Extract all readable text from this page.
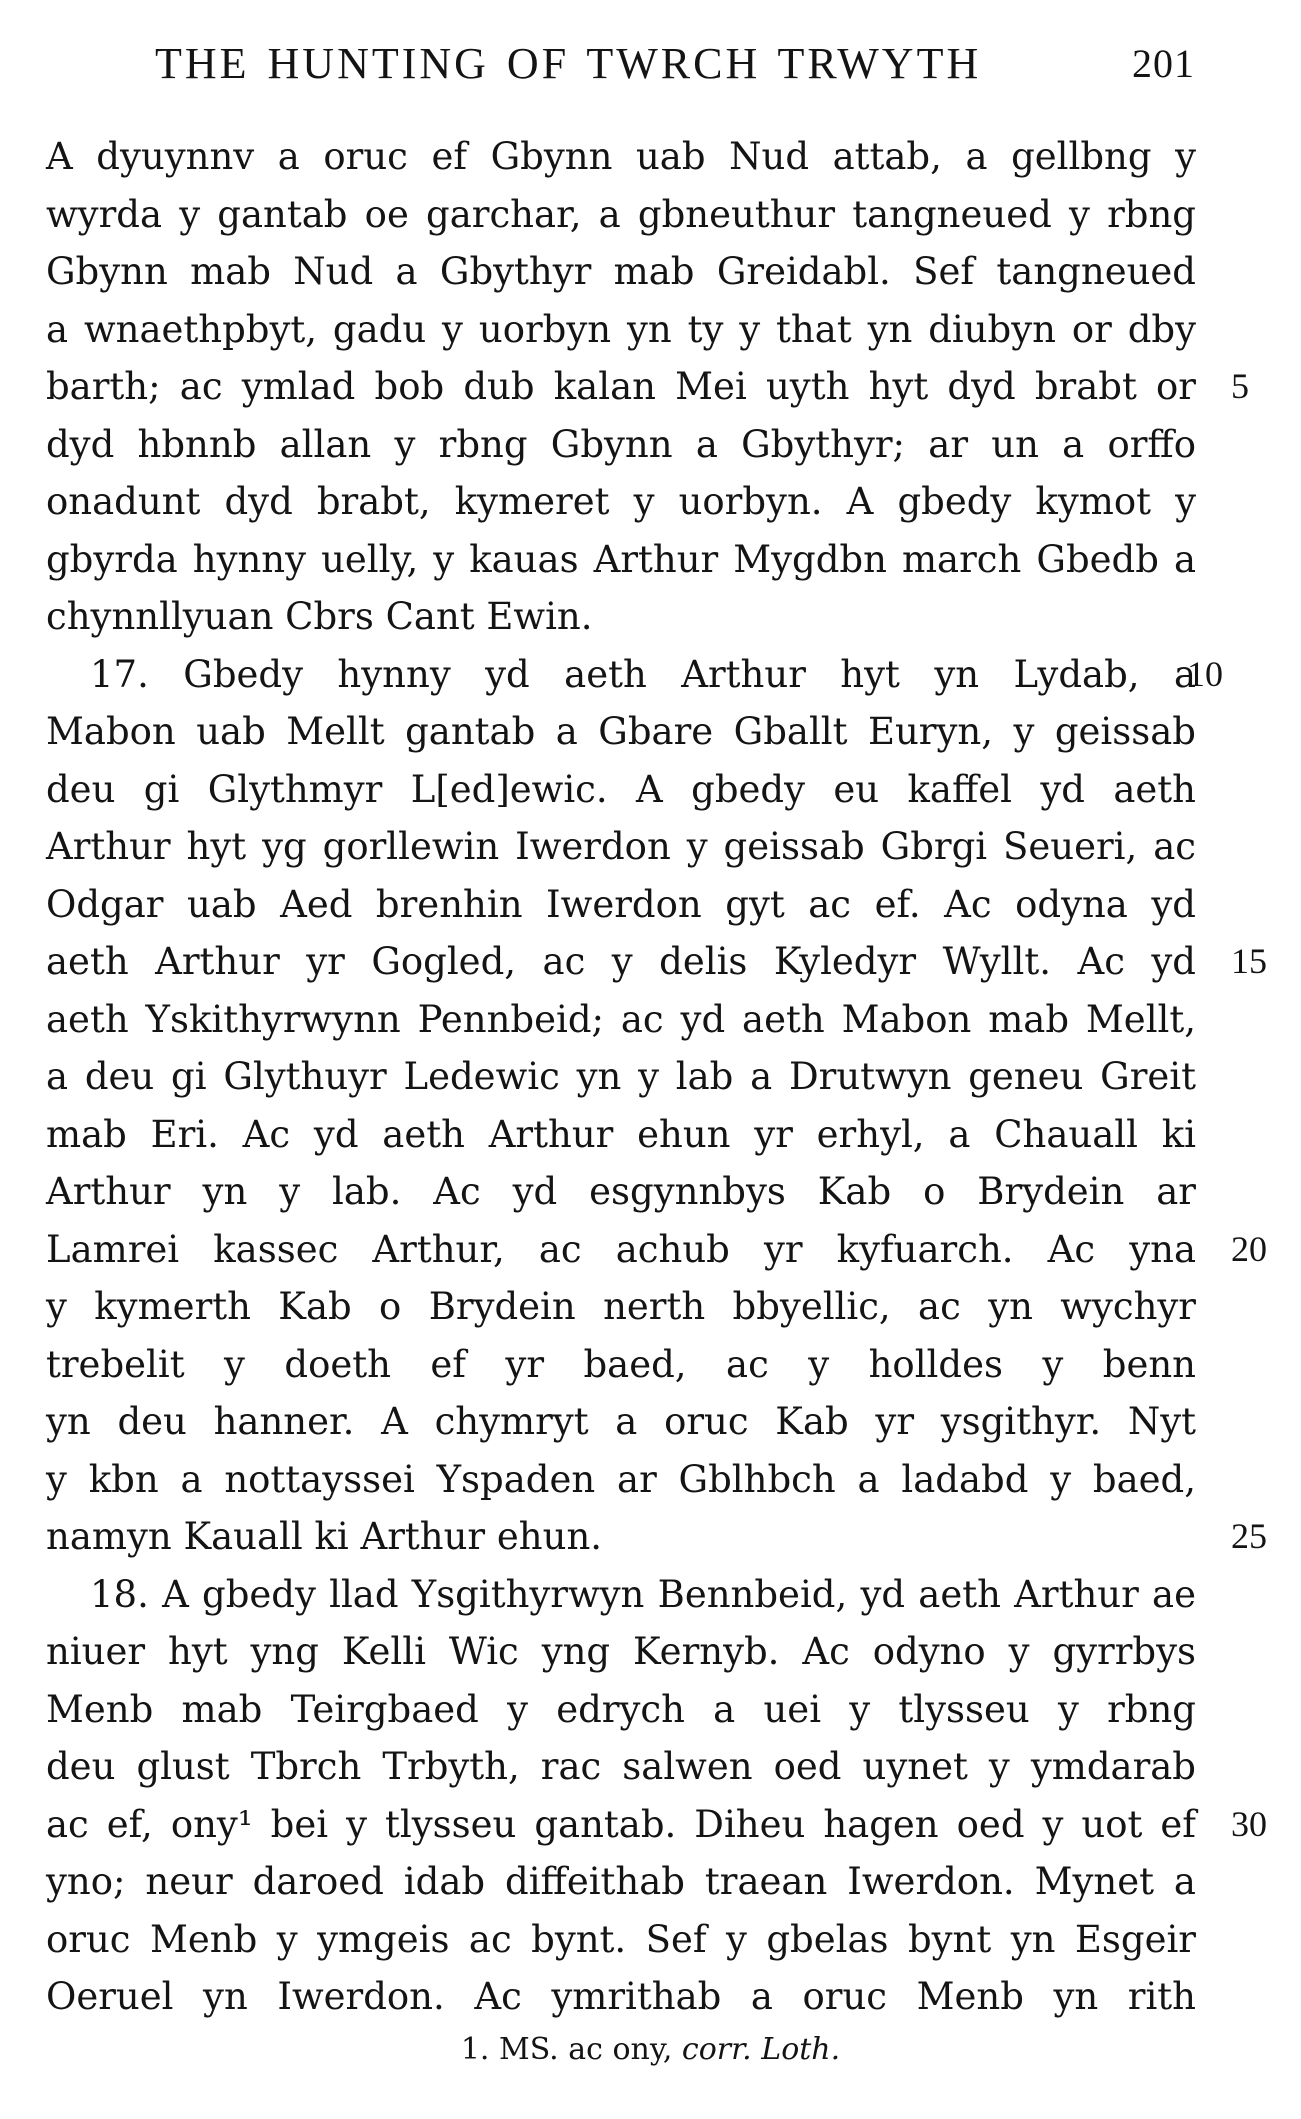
THE HUNTING OF TWRCH TRWYTH	201
A dyuynnv a oruc ef Gbynn uab Nud attab, a gellbng y
wyrda y gantab oe garchar, a gbneuthur tangneued y rbng
Gbynn mab Nud a Gbythyr mab Greidabl. Sef tangneued
a wnaethpbyt, gadu y uorbyn yn ty y that yn diubyn or dby
barth; ac ymlad bob dub kalan Mei uyth hyt dyd brabt or 5
dyd hbnnb allan y rbng Gbynn a Gbythyr; ar un a orffo
onadunt dyd brabt, kymeret y uorbyn. A gbedy kymot y
gbyrda hynny uelly, y kauas Arthur Mygdbn march Gbedb a
chynnllyuan Cbrs Cant Ewin.
17. Gbedy hynny yd aeth Arthur hyt yn Lydab, a
10
Mabon uab Mellt gantab a Gbare Gballt Euryn, y geissab
deu gi Glythmyr L[ed]ewic. A gbedy eu kaffel yd aeth
Arthur hyt yg gorllewin Iwerdon y geissab Gbrgi Seueri, ac
Odgar uab Aed brenhin Iwerdon gyt ac ef. Ac odyna yd
aeth Arthur yr Gogled, ac y delis Kyledyr Wyllt. Ac yd 15
aeth Yskithyrwynn Pennbeid; ac yd aeth Mabon mab Mellt,
a deu gi Glythuyr Ledewic yn y lab a Drutwyn geneu Greit
mab Eri. Ac yd aeth Arthur ehun yr erhyl, a Chauall ki
Arthur yn y lab. Ac yd esgynnbys Kab o Brydein ar
Lamrei kassec Arthur, ac achub yr kyfuarch. Ac yna 20
y kymerth Kab o Brydein nerth bbyellic, ac yn wychyr
trebelit y doeth ef yr baed, ac y holldes y benn
yn deu hanner. A chymryt a oruc Kab yr ysgithyr. Nyt
y kbn a nottayssei Yspaden ar Gblhbch a ladabd y baed,
namyn Kauall ki Arthur ehun.	25
18. A gbedy llad Ysgithyrwyn Bennbeid, yd aeth Arthur ae
niuer hyt yng Kelli Wic yng Kernyb. Ac odyno y gyrrbys
Menb mab Teirgbaed y edrych a uei y tlysseu y rbng
deu glust Tbrch Trbyth, rac salwen oed uynet y ymdarab
ac ef, ony¹ bei y tlysseu gantab. Diheu hagen oed y uot ef 30
yno; neur daroed idab diffeithab traean Iwerdon. Mynet a
oruc Menb y ymgeis ac bynt. Sef y gbelas bynt yn Esgeir
Oeruel yn Iwerdon. Ac ymrithab a oruc Menb yn rith
1. MS. ac ony, corr. Loth.
